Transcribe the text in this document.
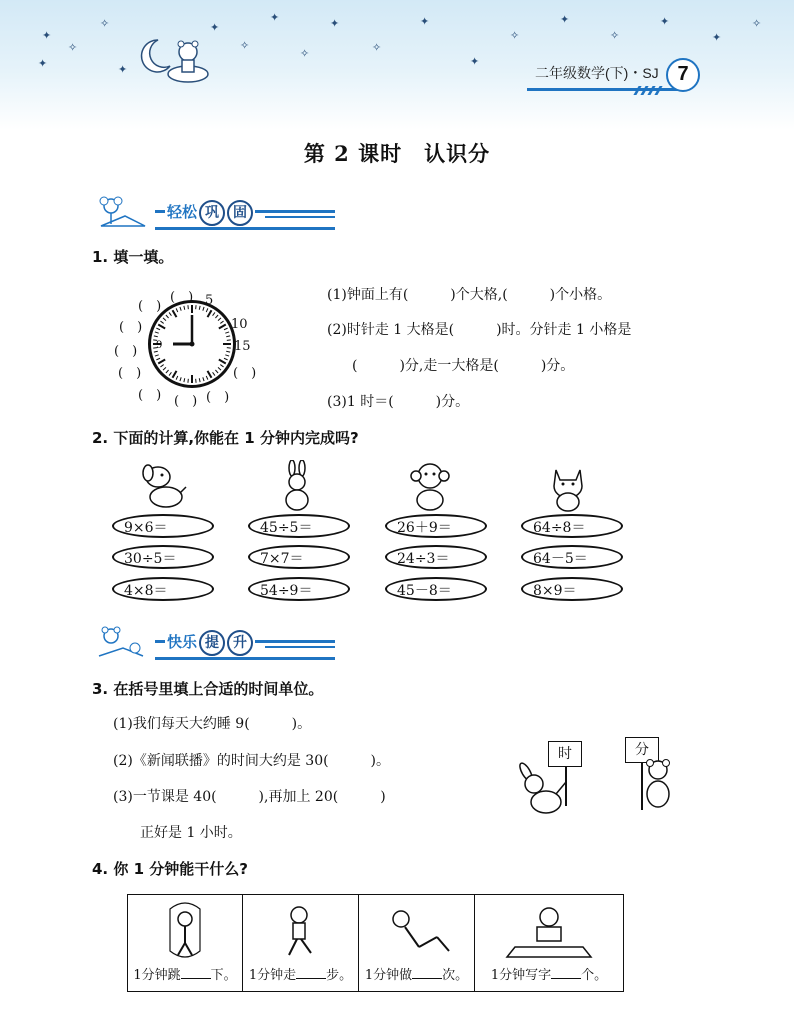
✦
✧
✦
✧
✦
✦
✧
✦
✧
✦
✧
✦
✦
✧
✦
✧
✦
✦
✧
二年级数学(下)・SJ 7
第 2 课时　认识分
轻松 巩 固
1. 填一填。
9
5
10
15
(　)
(　)
(　)
(　)
(　)
(　) (　) (　)
(　)
(1)钟面上有(　　　)个大格,(　　　)个小格。
(2)时针走 1 大格是(　　　)时。分针走 1 小格是
(　　　)分,走一大格是(　　　)分。
(3)1 时＝(　　　)分。
2. 下面的计算,你能在 1 分钟内完成吗?
9×6＝
30÷5＝
4×8＝
45÷5＝
7×7＝
54÷9＝
26＋9＝
24÷3＝
45－8＝
64÷8＝
64－5＝
8×9＝
快乐 提 升
3. 在括号里填上合适的时间单位。
(1)我们每天大约睡 9(　　　)。
(2)《新闻联播》的时间大约是 30(　　　)。
(3)一节课是 40(　　　),再加上 20(　　　)
正好是 1 小时。
时	分
4. 你 1 分钟能干什么?
1分钟跳 下。 1分钟走 步。 1分钟做 次。	1分钟写字 个。
